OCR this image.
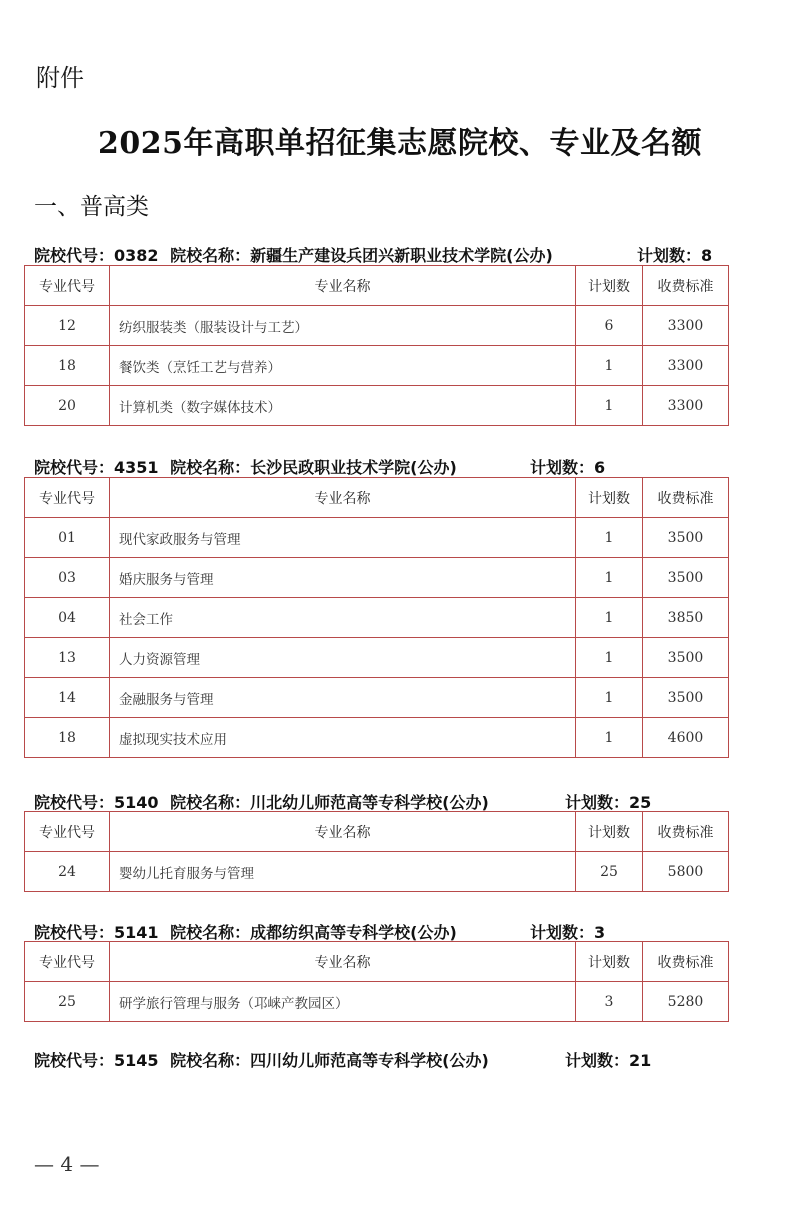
附件
2025年高职单招征集志愿院校、专业及名额
一、普高类
院校代号：0382 院校名称：新疆生产建设兵团兴新职业技术学院(公办)	计划数：8
专业代号	专业名称	计划数	收费标准
12	纺织服装类（服装设计与工艺）	6	3300
18	餐饮类（烹饪工艺与营养）	1	3300
20	计算机类（数字媒体技术）	1	3300
院校代号：4351 院校名称：长沙民政职业技术学院(公办)	计划数：6
专业代号	专业名称	计划数	收费标准
01	现代家政服务与管理	1	3500
03	婚庆服务与管理	1	3500
04	社会工作	1	3850
13	人力资源管理	1	3500
14	金融服务与管理	1	3500
18	虚拟现实技术应用	1	4600
院校代号：5140 院校名称：川北幼儿师范高等专科学校(公办)	计划数：25
专业代号	专业名称	计划数	收费标准
24	婴幼儿托育服务与管理	25	5800
院校代号：5141 院校名称：成都纺织高等专科学校(公办)	计划数：3
专业代号	专业名称	计划数	收费标准
25	研学旅行管理与服务（邛崃产教园区）	3	5280
院校代号：5145 院校名称：四川幼儿师范高等专科学校(公办)	计划数：21
— 4 —
